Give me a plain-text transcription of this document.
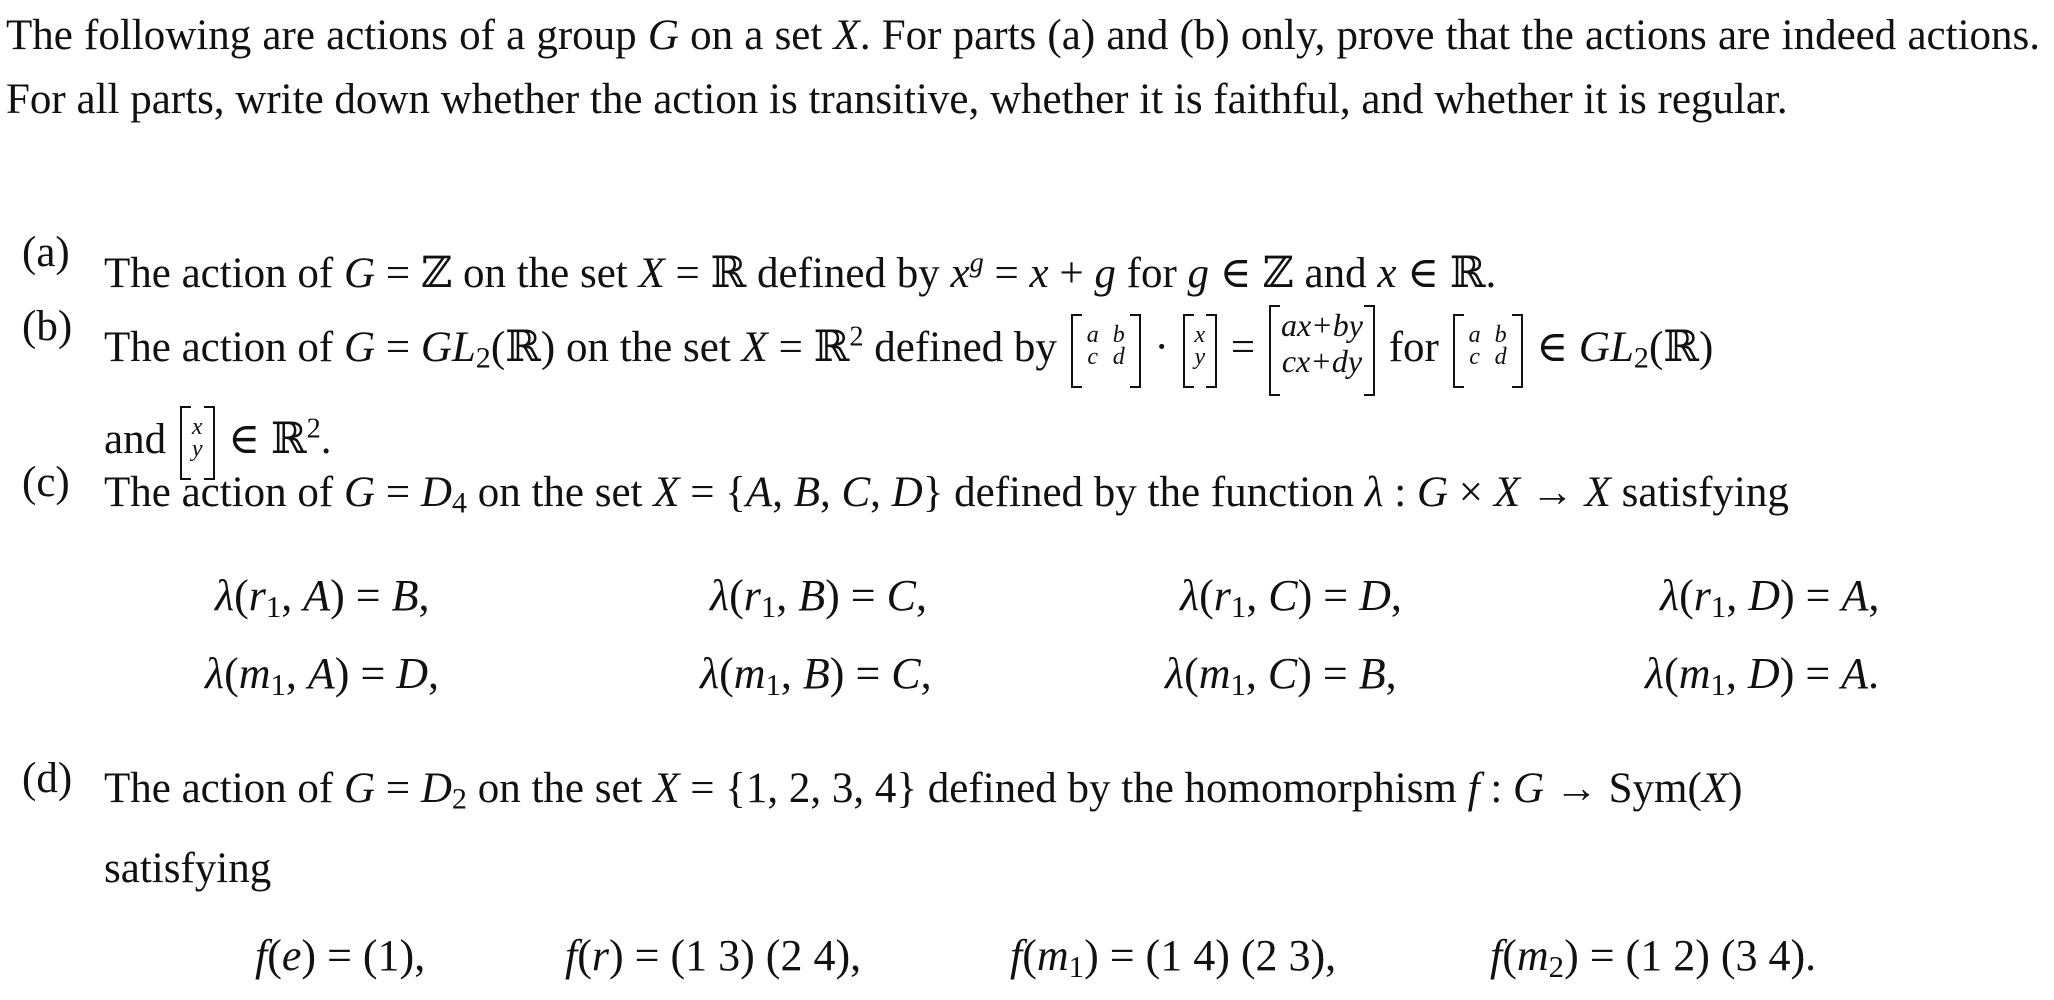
The following are actions of a group G on a set X. For parts (a) and (b) only, prove that the actions are indeed actions. For all parts, write down whether the action is transitive, whether it is faithful, and whether it is regular.
(a) The action of G = ℤ on the set X = ℝ defined by $x^g = x + g$ for g ∈ ℤ and x ∈ ℝ.
(b) The action of $G = GL_2(ℝ)$ on the set X = ℝ$^2$ defined by
a b
c d
·
x
y
=
ax+by
cx+dy
for
a b
c d
∈ $GL_2(ℝ)$
and
x
y
∈ ℝ$^2$.
(c) The action of $G = D_4$ on the set X = {A, B, C, D} defined by the function λ : G × X → X satisfying
$\lambda(r_1$, A) = B,	$\lambda(r_1$, B) = C,	$\lambda(r_1$, C) = D,	$\lambda(r_1$, D) = A,
$\lambda(m_1$, A) = D,	$\lambda(m_1$, B) = C,	$\lambda(m_1$, C) = B,	$\lambda(m_1$, D) = A.
(d) The action of $G = D_2$ on the set X = {1, 2, 3, 4} defined by the homomorphism f : G → Sym(X)
satisfying
f(e) = (1),	f(r) = (1 3) (2 4),	$f(m_1) = (1$ 4) (2 3),	$f(m_2) = (1$ 2) (3 4).
